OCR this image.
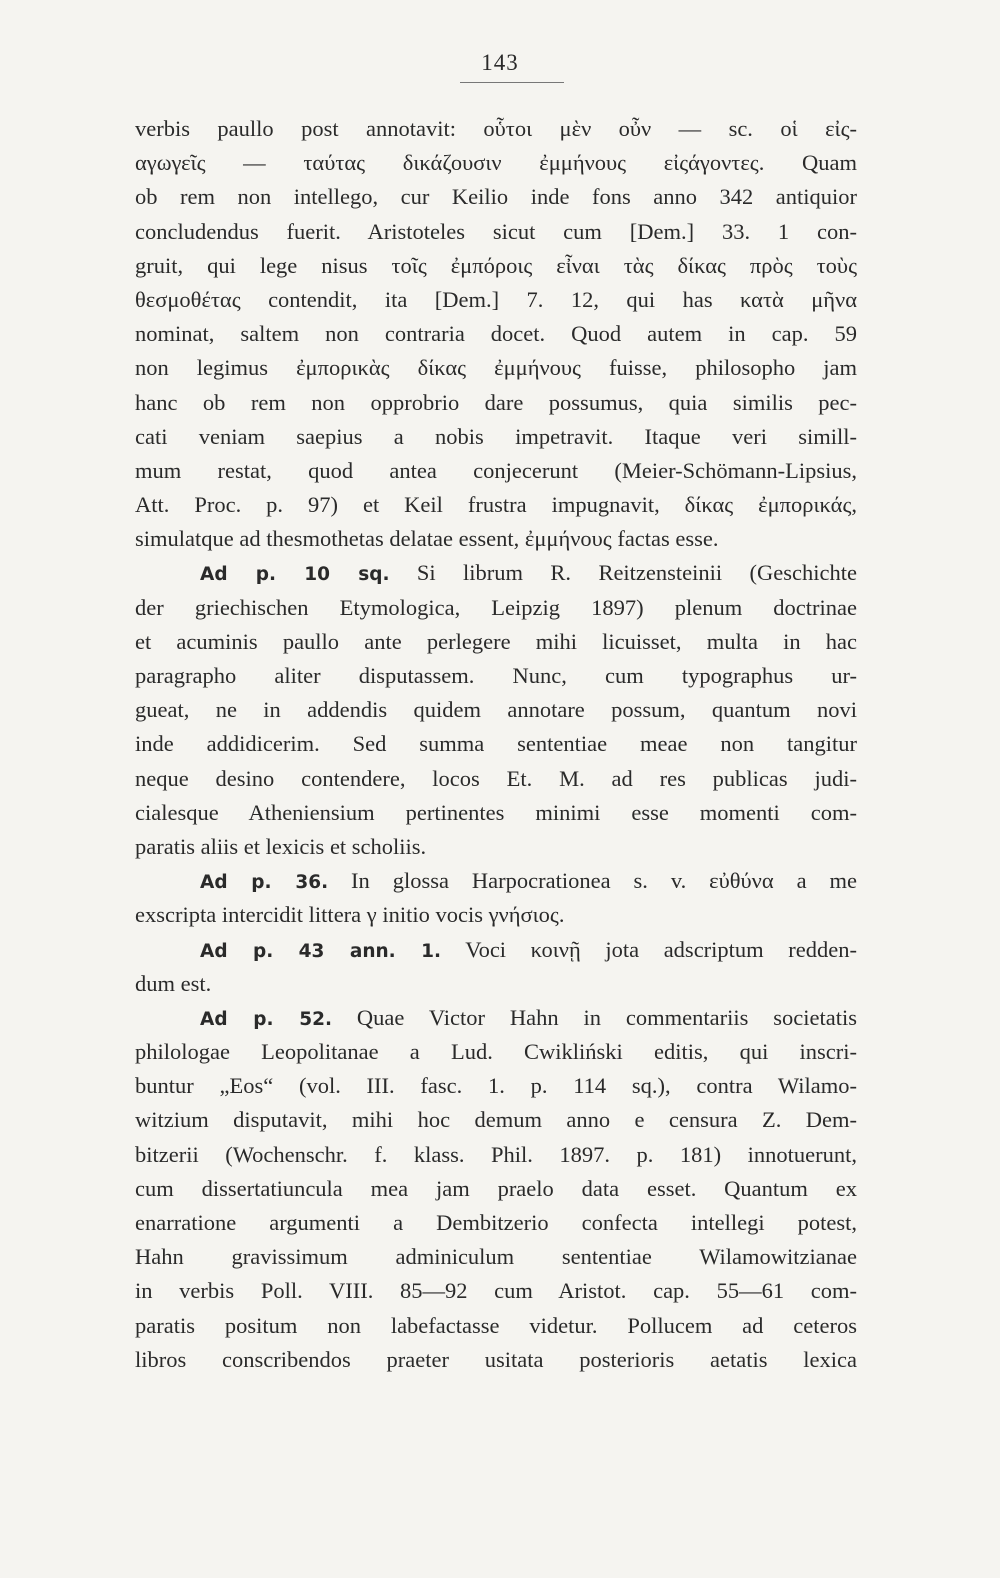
143
verbis paullo post annotavit: οὗτοι μὲν οὖν — sc. οἱ εἰς-
αγωγεῖς — ταύτας δικάζουσιν ἐμμήνους εἰςάγοντες. Quam
ob rem non intellego, cur Keilio inde fons anno 342 antiquior
concludendus fuerit. Aristoteles sicut cum [Dem.] 33. 1 con-
gruit, qui lege nisus τοῖς ἐμπόροις εἶναι τὰς δίκας πρὸς τοὺς
θεσμοθέτας contendit, ita [Dem.] 7. 12, qui has κατὰ μῆνα
nominat, saltem non contraria docet. Quod autem in cap. 59
non legimus ἐμπορικὰς δίκας ἐμμήνους fuisse, philosopho jam
hanc ob rem non opprobrio dare possumus, quia similis pec-
cati veniam saepius a nobis impetravit. Itaque veri simill-
mum restat, quod antea conjecerunt (Meier-Schömann-Lipsius,
Att. Proc. p. 97) et Keil frustra impugnavit, δίκας ἐμπορικάς,
simulatque ad thesmothetas delatae essent, ἐμμήνους factas esse.
Ad p. 10 sq. Si librum R. Reitzensteinii (Geschichte
der griechischen Etymologica, Leipzig 1897) plenum doctrinae
et acuminis paullo ante perlegere mihi licuisset, multa in hac
paragrapho aliter disputassem. Nunc, cum typographus ur-
gueat, ne in addendis quidem annotare possum, quantum novi
inde addidicerim. Sed summa sententiae meae non tangitur
neque desino contendere, locos Et. M. ad res publicas judi-
cialesque Atheniensium pertinentes minimi esse momenti com-
paratis aliis et lexicis et scholiis.
Ad p. 36. In glossa Harpocrationea s. v. εὐθύνα a me
exscripta intercidit littera γ initio vocis γνήσιος.
Ad p. 43 ann. 1. Voci κοινῇ jota adscriptum redden-
dum est.
Ad p. 52. Quae Victor Hahn in commentariis societatis
philologae Leopolitanae a Lud. Cwikliński editis, qui inscri-
buntur „Eos“ (vol. III. fasc. 1. p. 114 sq.), contra Wilamo-
witzium disputavit, mihi hoc demum anno e censura Z. Dem-
bitzerii (Wochenschr. f. klass. Phil. 1897. p. 181) innotuerunt,
cum dissertatiuncula mea jam praelo data esset. Quantum ex
enarratione argumenti a Dembitzerio confecta intellegi potest,
Hahn gravissimum adminiculum sententiae Wilamowitzianae
in verbis Poll. VIII. 85—92 cum Aristot. cap. 55—61 com-
paratis positum non labefactasse videtur. Pollucem ad ceteros
libros conscribendos praeter usitata posterioris aetatis lexica
